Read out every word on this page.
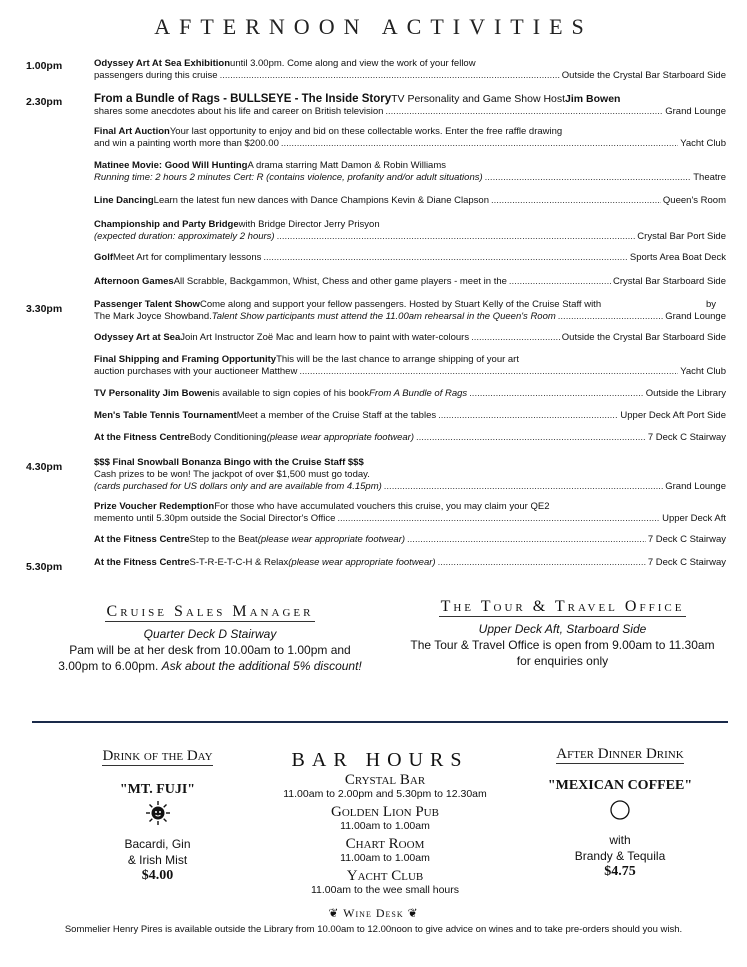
AFTERNOON ACTIVITIES
1.00pm	Odyssey Art At Sea Exhibition until 3.00pm. Come along and view the work of your fellow
passengers during this cruise .....	Outside the Crystal Bar Starboard Side
2.30pm	From a Bundle of Rags - BULLSEYE - The Inside Story TV Personality and Game Show Host Jim Bowen
shares some anecdotes about his life and career on British television .....	Grand Lounge
Final Art Auction Your last opportunity to enjoy and bid on these collectable works. Enter the free raffle drawing
and win a painting worth more than $200.00 .....	Yacht Club
Matinee Movie: Good Will Hunting A drama starring Matt Damon & Robin Williams
Running time: 2 hours 2 minutes Cert: R (contains violence, profanity and/or adult situations) .....	Theatre
Line Dancing Learn the latest fun new dances with Dance Champions Kevin & Diane Clapson .....	Queen's Room
Championship and Party Bridge with Bridge Director Jerry Prisyon
(expected duration: approximately 2 hours) .....	Crystal Bar Port Side
Golf Meet Art for complimentary lessons .....	Sports Area Boat Deck
Afternoon Games All Scrabble, Backgammon, Whist, Chess and other game players - meet in the .....	Crystal Bar Starboard Side
3.30pm	Passenger Talent Show Come along and support your fellow passengers. Hosted by Stuart Kelly of the Cruise Staff with	by
The Mark Joyce Showband. Talent Show participants must attend the 11.00am rehearsal in the Queen's Room .....	Grand Lounge
Odyssey Art at Sea Join Art Instructor Zoë Mac and learn how to paint with water-colours .....	Outside the Crystal Bar Starboard Side
Final Shipping and Framing Opportunity This will be the last chance to arrange shipping of your art
auction purchases with your auctioneer Matthew .....	Yacht Club
TV Personality Jim Bowen is available to sign copies of his book From A Bundle of Rags .....	Outside the Library
Men's Table Tennis Tournament Meet a member of the Cruise Staff at the tables .....	Upper Deck Aft Port Side
At the Fitness Centre Body Conditioning (please wear appropriate footwear) .....	7 Deck C Stairway
4.30pm	$$$ Final Snowball Bonanza Bingo with the Cruise Staff $$$
Cash prizes to be won! The jackpot of over $1,500 must go today.
(cards purchased for US dollars only and are available from 4.15pm) .....	Grand Lounge
Prize Voucher Redemption For those who have accumulated vouchers this cruise, you may claim your QE2
memento until 5.30pm outside the Social Director's Office .....	Upper Deck Aft
At the Fitness Centre Step to the Beat (please wear appropriate footwear) .....	7 Deck C Stairway
5.30pm	At the Fitness Centre S-T-R-E-T-C-H & Relax (please wear appropriate footwear) .....	7 Deck C Stairway
Cruise Sales Manager
Quarter Deck D Stairway
Pam will be at her desk from 10.00am to 1.00pm and
3.00pm to 6.00pm. Ask about the additional 5% discount!
The Tour & Travel Office
Upper Deck Aft, Starboard Side
The Tour & Travel Office is open from 9.00am to 11.30am
for enquiries only
Drink of the Day
"MT. FUJI"
Bacardi, Gin
& Irish Mist
$4.00
BAR HOURS
Crystal Bar
11.00am to 2.00pm and 5.30pm to 12.30am
Golden Lion Pub
11.00am to 1.00am
Chart Room
11.00am to 1.00am
Yacht Club
11.00am to the wee small hours
After Dinner Drink
"MEXICAN COFFEE"
with
Brandy & Tequila
$4.75
❦ Wine Desk ❦
Sommelier Henry Pires is available outside the Library from 10.00am to 12.00noon to give advice on wines and to take pre-orders should you wish.
